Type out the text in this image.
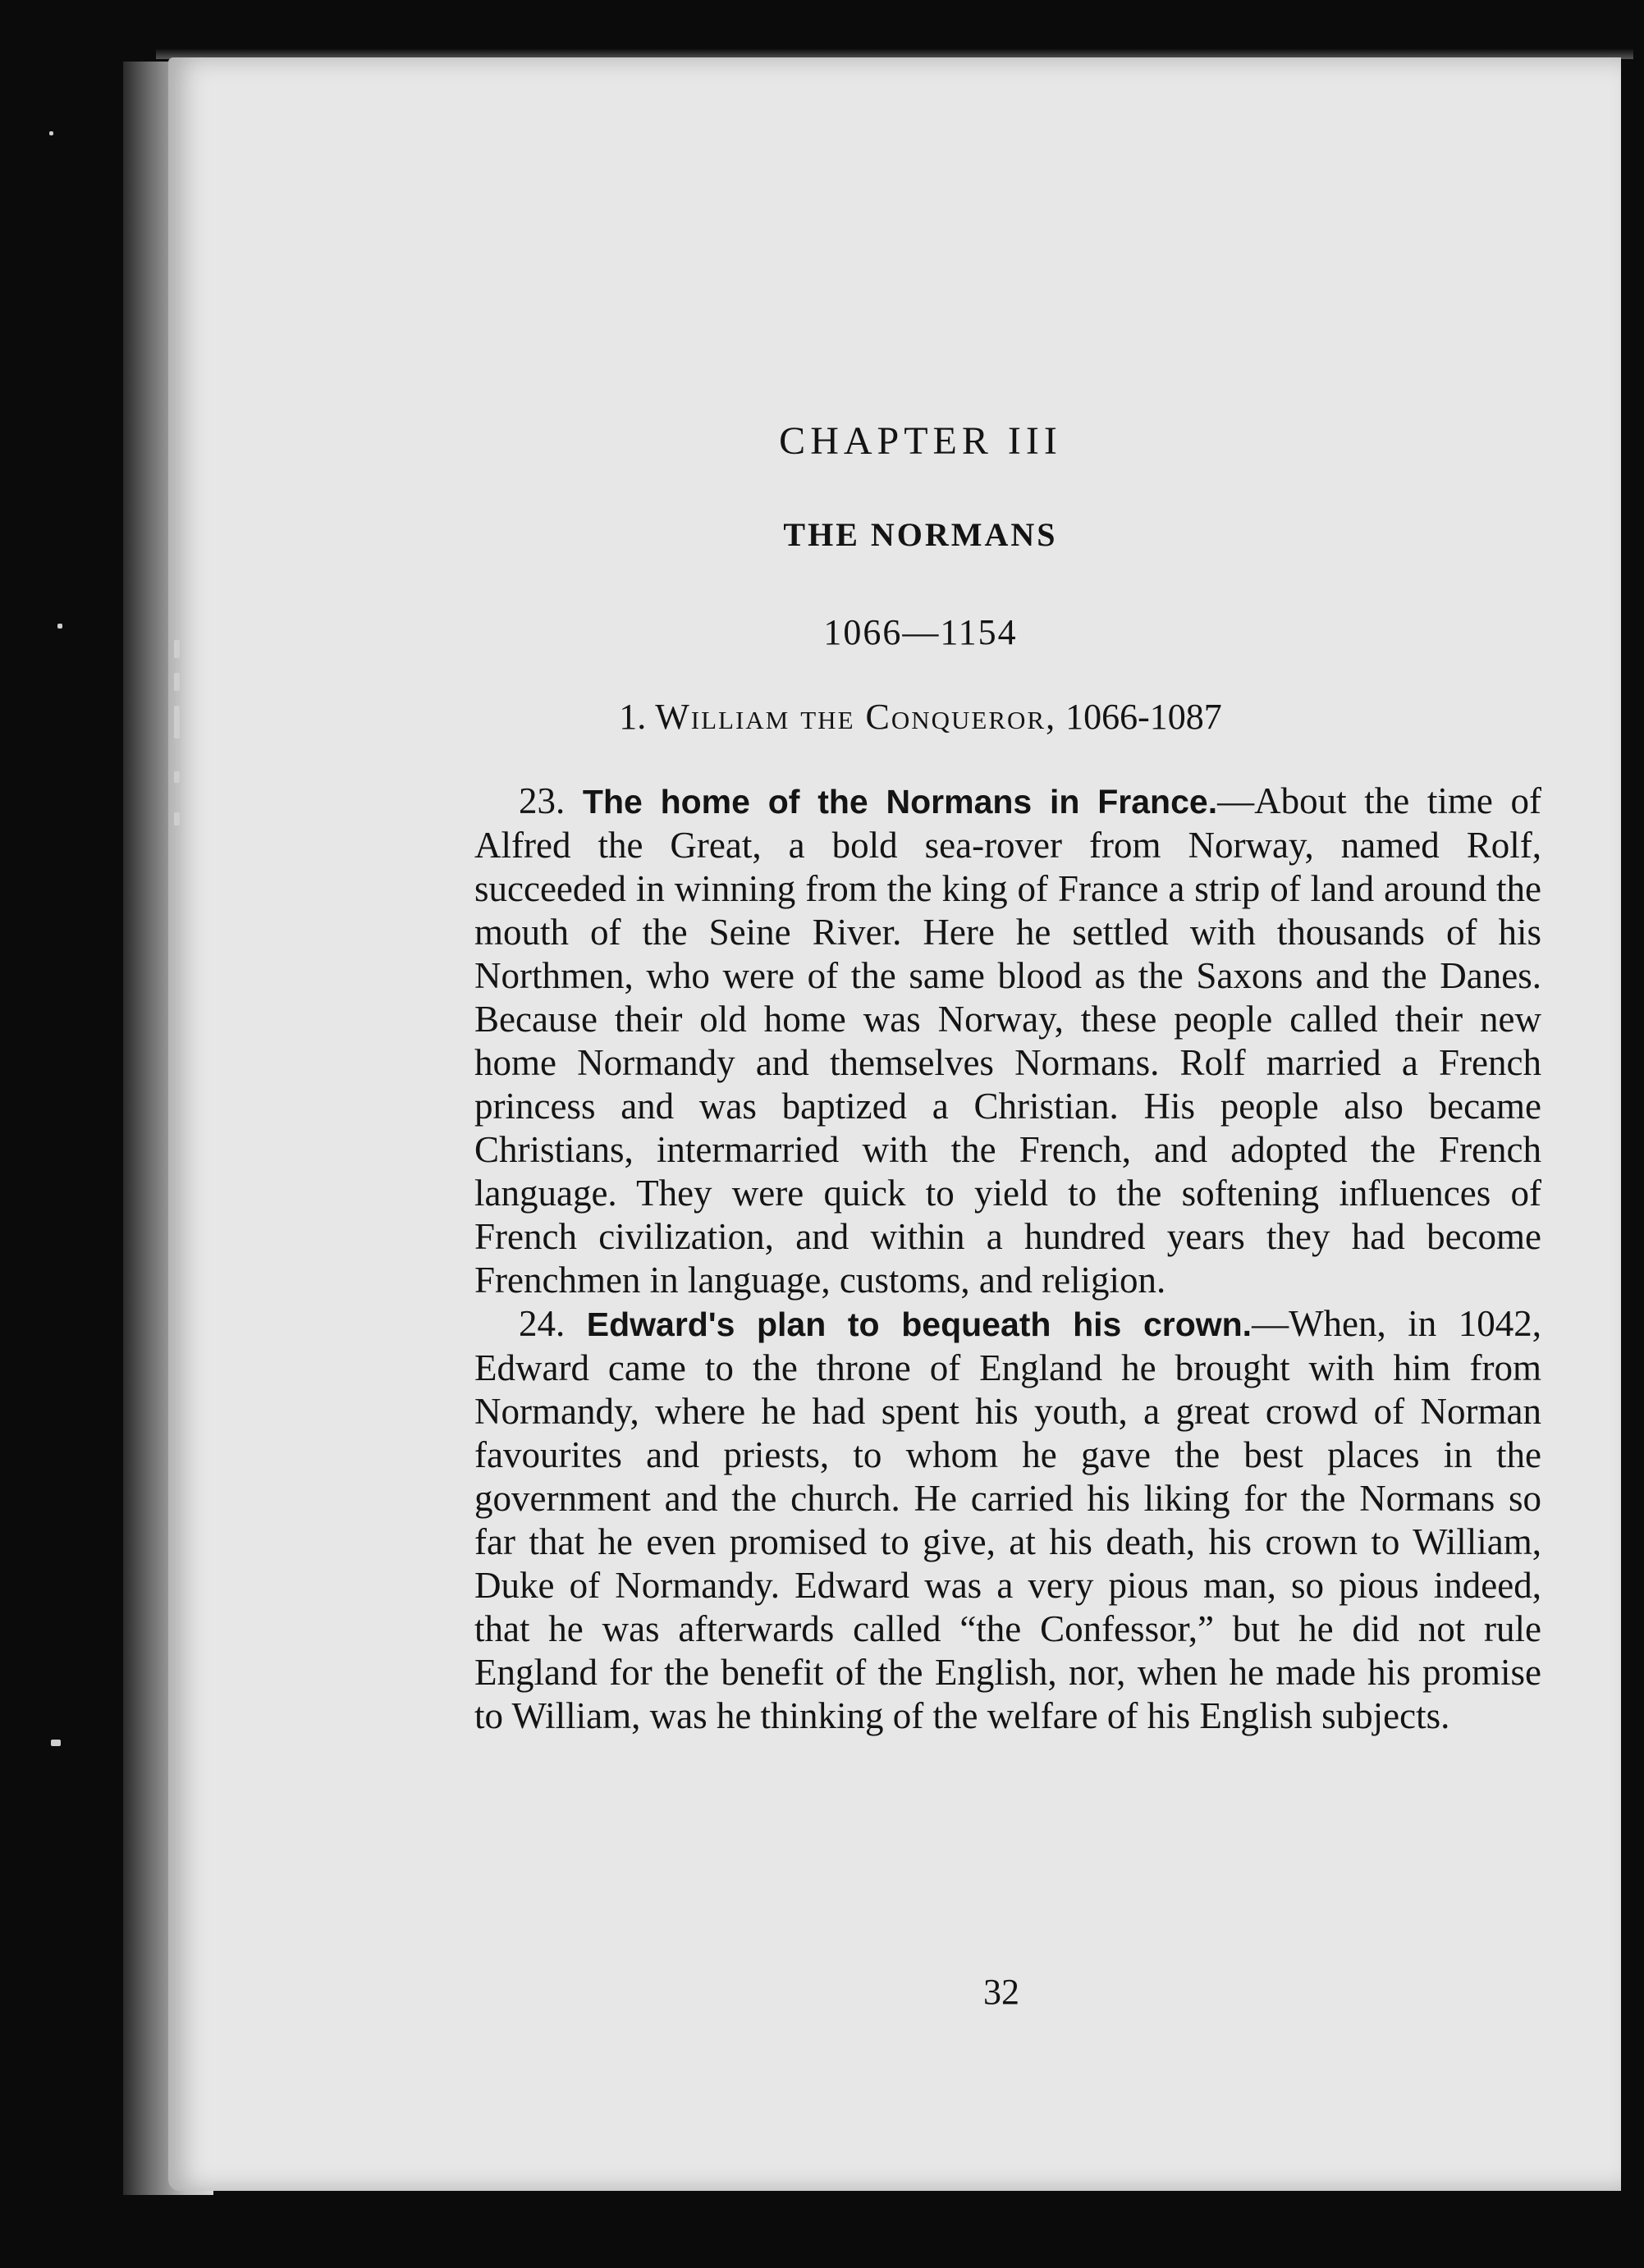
CHAPTER III
THE NORMANS
1066—1154
1. William the Conqueror, 1066-1087

23. The home of the Normans in France.—About the time of Alfred the Great, a bold sea-rover from Norway, named Rolf, succeeded in winning from the king of France a strip of land around the mouth of the Seine River. Here he settled with thousands of his Northmen, who were of the same blood as the Saxons and the Danes. Because their old home was Norway, these people called their new home Normandy and themselves Normans. Rolf married a French princess and was baptized a Christian. His people also became Christians, intermarried with the French, and adopted the French language. They were quick to yield to the softening influences of French civilization, and within a hundred years they had become Frenchmen in language, customs, and religion.

24. Edward's plan to bequeath his crown.—When, in 1042, Edward came to the throne of England he brought with him from Normandy, where he had spent his youth, a great crowd of Norman favourites and priests, to whom he gave the best places in the government and the church. He carried his liking for the Normans so far that he even promised to give, at his death, his crown to William, Duke of Normandy. Edward was a very pious man, so pious indeed, that he was afterwards called “the Confessor,” but he did not rule England for the benefit of the English, nor, when he made his promise to William, was he thinking of the welfare of his English subjects.

32
